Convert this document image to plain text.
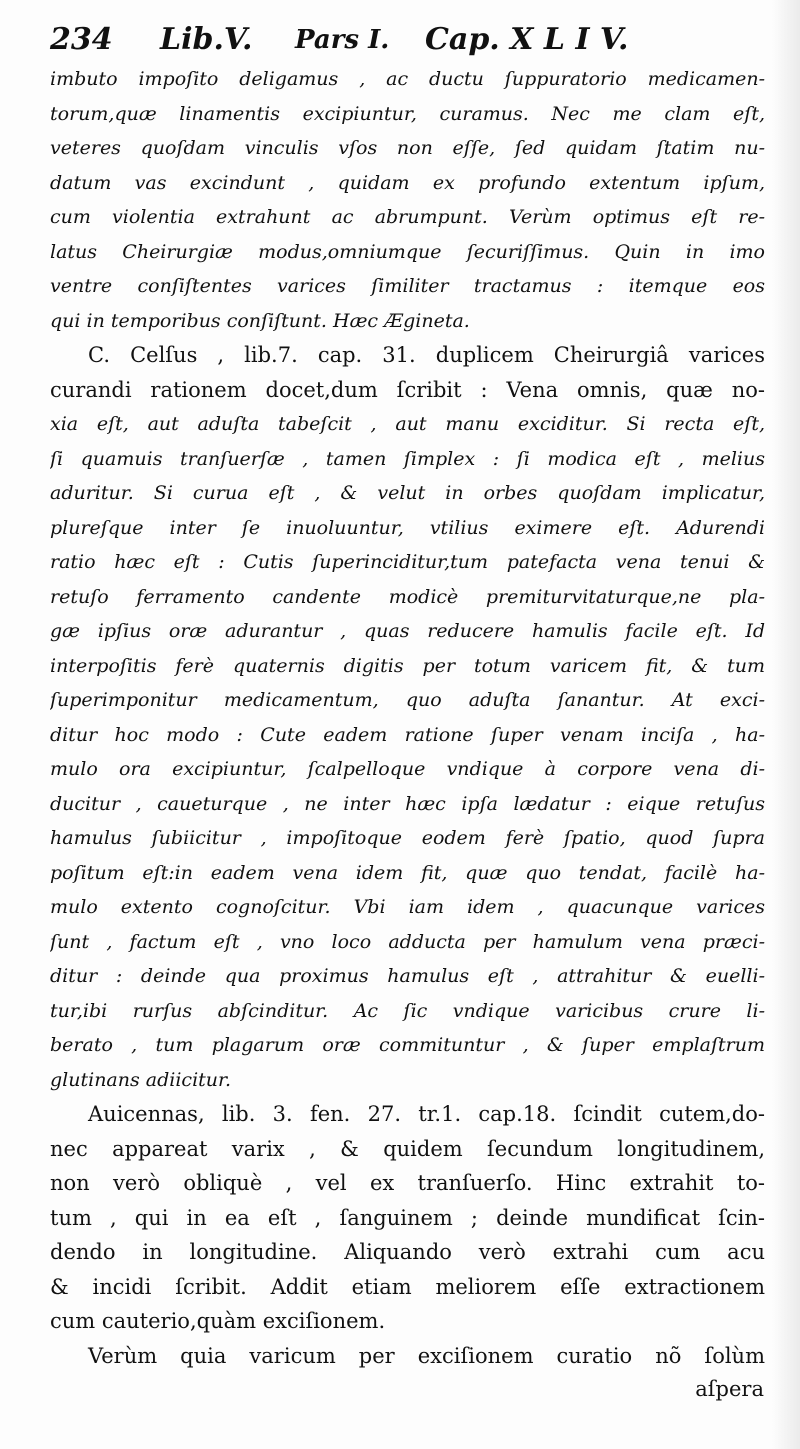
234 Lib.V. Pars I. Cap. X L I V.
imbuto impoſito deligamus , ac ductu ſuppuratorio medicamen-
torum,quæ linamentis excipiuntur, curamus. Nec me clam eſt,
veteres quoſdam vinculis vſos non eſſe, ſed quidam ſtatim nu-
datum vas excindunt , quidam ex profundo extentum ipſum,
cum violentia extrahunt ac abrumpunt. Verùm optimus eſt re-
latus Cheirurgiæ modus,omniumque ſecuriſſimus. Quin in imo
ventre conſiſtentes varices ſimiliter tractamus : itemque eos
qui in temporibus conſiſtunt. Hæc Æginetа.
C. Celſus , lib.7. cap. 31. duplicem Cheirurgiâ varices
curandi rationem docet,dum ſcribit : Vena omnis, quæ no-
xia eſt, aut aduſta tabeſcit , aut manu exciditur. Si recta eſt,
ſi quamuis tranſuerſæ , tamen ſimplex : ſi modica eſt , melius
aduritur. Si curua eſt , & velut in orbes quoſdam implicatur,
plureſque inter ſe inuoluuntur, vtilius eximere eſt. Adurendi
ratio hæc eſt : Cutis ſuperinciditur,tum patefacta vena tenui &
retuſo ferramento candente modicè premiturvitaturque,ne pla-
gæ ipſius oræ adurantur , quas reducere hamulis facile eſt. Id
interpoſitis ferè quaternis digitis per totum varicem fit, & tum
ſuperimponitur medicamentum, quo aduſta ſanantur. At exci-
ditur hoc modo : Cute eadem ratione ſuper venam inciſa , ha-
mulo ora excipiuntur, ſcalpelloque vndique à corpore vena di-
ducitur , caueturque , ne inter hæc ipſa lædatur : eique retuſus
hamulus ſubiicitur , impoſitoque eodem ferè ſpatio, quod ſupra
poſitum eſt:in eadem vena idem fit, quæ quo tendat, facilè ha-
mulo extento cognoſcitur. Vbi iam idem , quacunque varices
ſunt , factum eſt , vno loco adducta per hamulum vena præci-
ditur : deinde qua proximus hamulus eſt , attrahitur & euelli-
tur,ibi rurſus abſcinditur. Ac ſic vndique varicibus crure li-
berato , tum plagarum oræ commituntur , & ſuper emplaſtrum
glutinans adiicitur.
Auicennas, lib. 3. fen. 27. tr.1. cap.18. ſcindit cutem,do-
nec appareat varix , & quidem ſecundum longitudinem,
non verò obliquè , vel ex tranſuerſo. Hinc extrahit to-
tum , qui in ea eſt , ſanguinem ; deinde mundificat ſcin-
dendo in longitudine. Aliquando verò extrahi cum acu
& incidi ſcribit. Addit etiam meliorem eſſe extractionem
cum cauterio,quàm exciſionem.
Verùm quia varicum per exciſionem curatio nõ ſolùm
aſpera
